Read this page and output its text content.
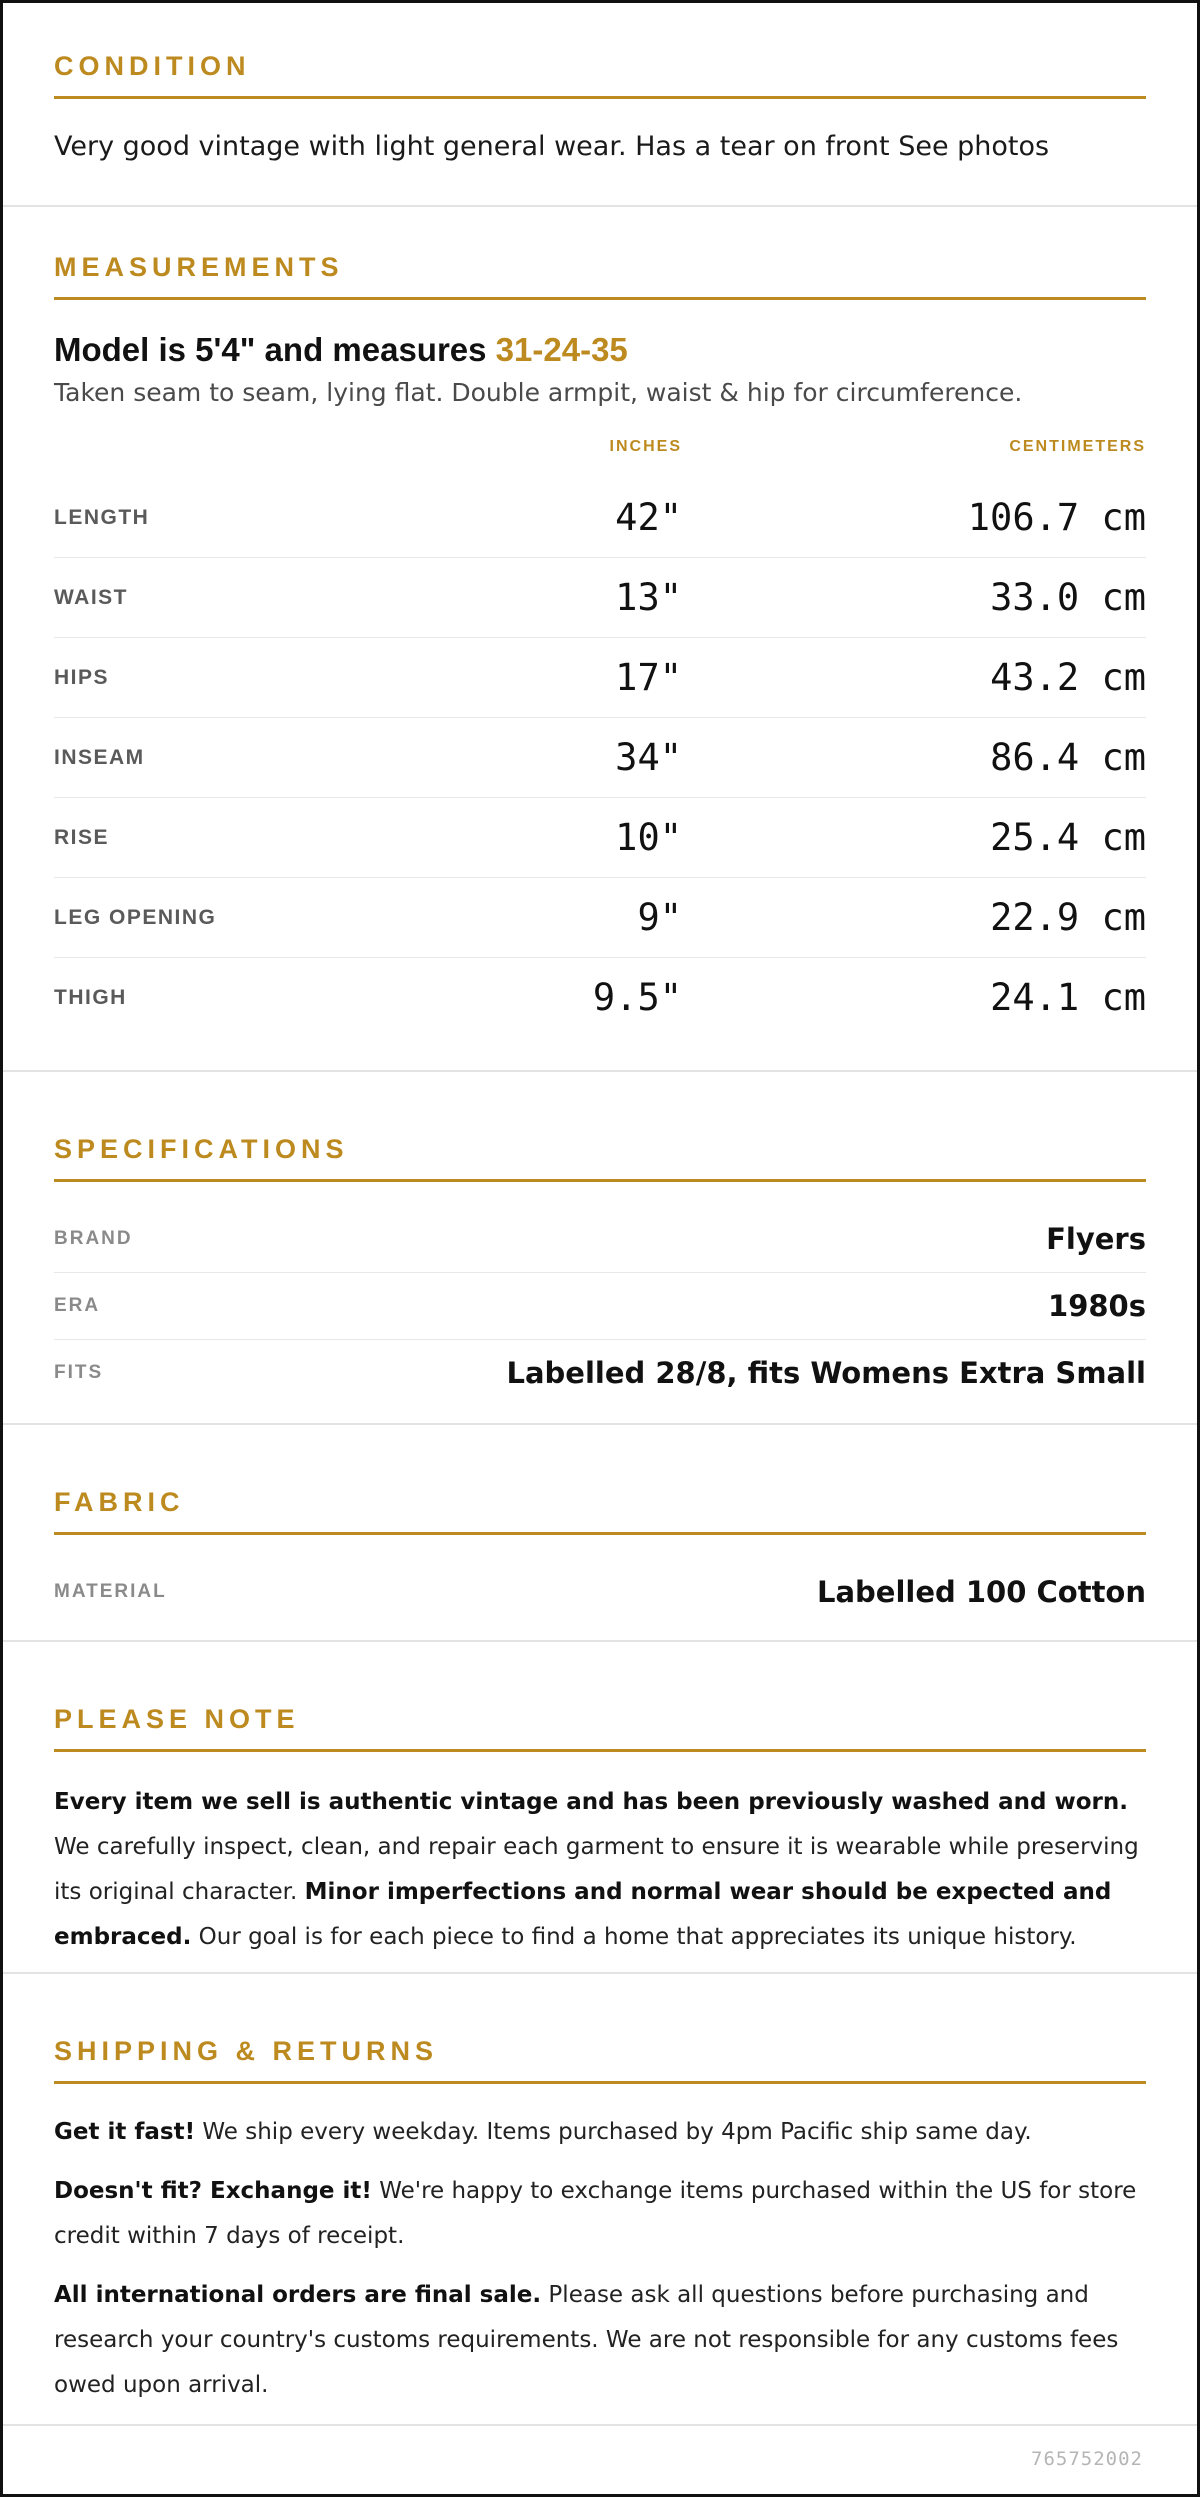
CONDITION
Very good vintage with light general wear. Has a tear on front See photos
MEASUREMENTS
Model is 5'4" and measures 31-24-35
Taken seam to seam, lying flat. Double armpit, waist & hip for circumference.
INCHES	CENTIMETERS
LENGTH	42"	106.7 cm
WAIST	13"	33.0 cm
HIPS	17"	43.2 cm
INSEAM	34"	86.4 cm
RISE	10"	25.4 cm
LEG OPENING	9"	22.9 cm
THIGH	9.5"	24.1 cm
SPECIFICATIONS
BRAND	Flyers
ERA	1980s
FITS	Labelled 28/8, fits Womens Extra Small
FABRIC
MATERIAL	Labelled 100 Cotton
PLEASE NOTE
Every item we sell is authentic vintage and has been previously washed and worn. We carefully inspect, clean, and repair each garment to ensure it is wearable while preserving its original character. Minor imperfections and normal wear should be expected and embraced. Our goal is for each piece to find a home that appreciates its unique history.
SHIPPING & RETURNS
Get it fast! We ship every weekday. Items purchased by 4pm Pacific ship same day.
Doesn't fit? Exchange it! We're happy to exchange items purchased within the US for store credit within 7 days of receipt.
All international orders are final sale. Please ask all questions before purchasing and research your country's customs requirements. We are not responsible for any customs fees owed upon arrival.
765752002
